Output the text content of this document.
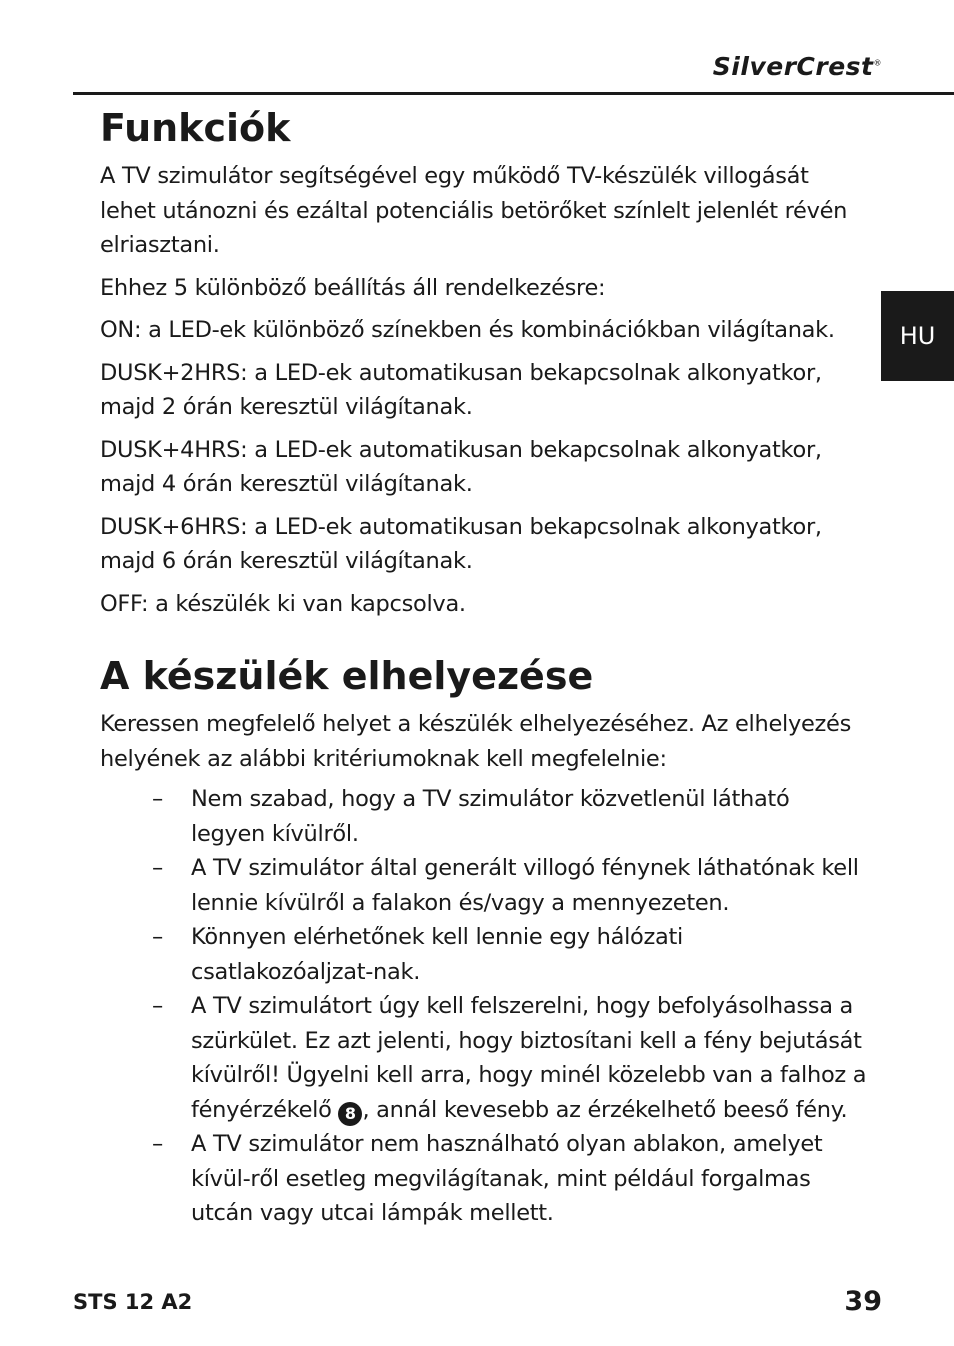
SilverCrest®
HU
Funkciók

A TV szimulátor segítségével egy működő TV-készülék villogását lehet utánozni és ezáltal potenciális betörőket színlelt jelenlét révén elriasztani.

Ehhez 5 különböző beállítás áll rendelkezésre:

ON: a LED-ek különböző színekben és kombinációkban világítanak.

DUSK+2HRS: a LED-ek automatikusan bekapcsolnak alkonyatkor, majd 2 órán keresztül világítanak.

DUSK+4HRS: a LED-ek automatikusan bekapcsolnak alkonyatkor, majd 4 órán keresztül világítanak.

DUSK+6HRS: a LED-ek automatikusan bekapcsolnak alkonyatkor, majd 6 órán keresztül világítanak.

OFF: a készülék ki van kapcsolva.

A készülék elhelyezése

Keressen megfelelő helyet a készülék elhelyezéséhez. Az elhelyezés helyének az alábbi kritériumoknak kell megfelelnie:

– Nem szabad, hogy a TV szimulátor közvetlenül látható legyen kívülről.
– A TV szimulátor által generált villogó fénynek láthatónak kell lennie kívülről a falakon és/vagy a mennyezeten.
– Könnyen elérhetőnek kell lennie egy hálózati csatlakozóaljzat-nak.
– A TV szimulátort úgy kell felszerelni, hogy befolyásolhassa a szürkület. Ez azt jelenti, hogy biztosítani kell a fény bejutását kívülről! Ügyelni kell arra, hogy minél közelebb van a falhoz a fényérzékelő 8 , annál kevesebb az érzékelhető beeső fény.
– A TV szimulátor nem használható olyan ablakon, amelyet kívül-ről esetleg megvilágítanak, mint például forgalmas utcán vagy utcai lámpák mellett.
STS 12 A2	39
